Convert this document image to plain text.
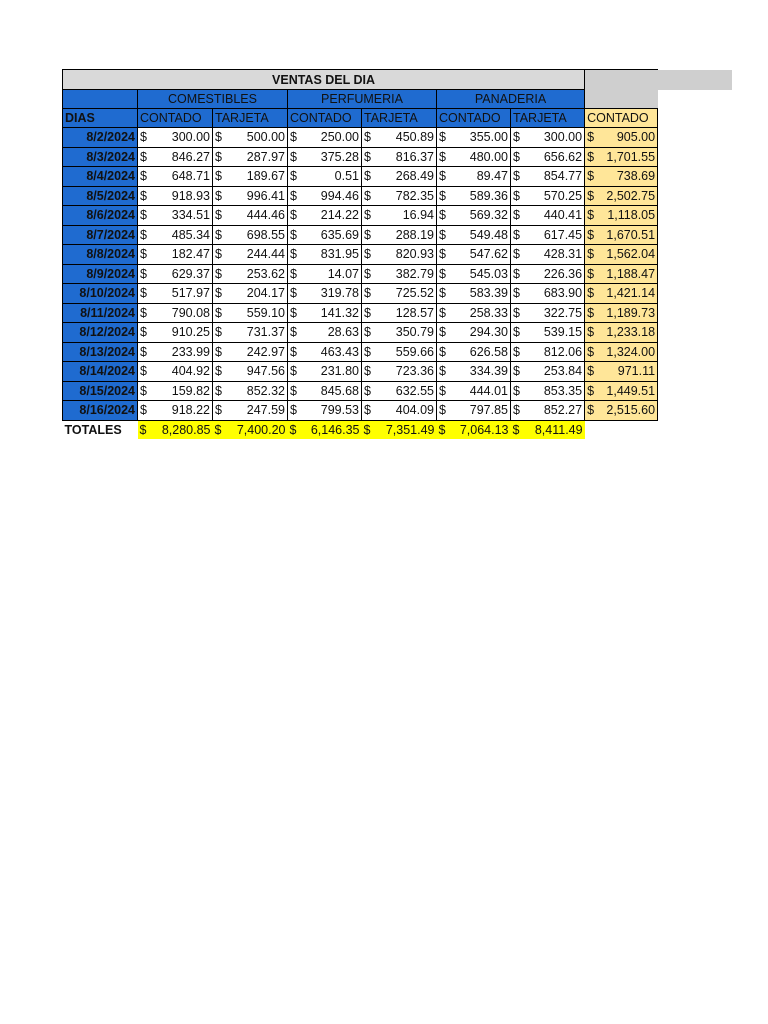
VENTAS DEL DIA								
	COMESTIBLES		PERFUMERIA		PANADERIA			
DIAS	CONTADO	TARJETA	CONTADO	TARJETA	CONTADO	TARJETA	CONTADO	
8/2/2024	$ 300.00	$ 500.00	$ 250.00	$ 450.89	$ 355.00	$ 300.00	$ 905.00	

8/3/2024	$ 846.27	$ 287.97	$ 375.28	$ 816.37	$ 480.00	$ 656.62	$ 1,701.55	

8/4/2024	$ 648.71	$ 189.67	$ 0.51	$ 268.49	$ 89.47	$ 854.77	$ 738.69	

8/5/2024	$ 918.93	$ 996.41	$ 994.46	$ 782.35	$ 589.36	$ 570.25	$ 2,502.75	

8/6/2024	$ 334.51	$ 444.46	$ 214.22	$ 16.94	$ 569.32	$ 440.41	$ 1,118.05	

8/7/2024	$ 485.34	$ 698.55	$ 635.69	$ 288.19	$ 549.48	$ 617.45	$ 1,670.51	

8/8/2024	$ 182.47	$ 244.44	$ 831.95	$ 820.93	$ 547.62	$ 428.31	$ 1,562.04	

8/9/2024	$ 629.37	$ 253.62	$ 14.07	$ 382.79	$ 545.03	$ 226.36	$ 1,188.47	

8/10/2024	$ 517.97	$ 204.17	$ 319.78	$ 725.52	$ 583.39	$ 683.90	$ 1,421.14	

8/11/2024	$ 790.08	$ 559.10	$ 141.32	$ 128.57	$ 258.33	$ 322.75	$ 1,189.73	

8/12/2024	$ 910.25	$ 731.37	$ 28.63	$ 350.79	$ 294.30	$ 539.15	$ 1,233.18	

8/13/2024	$ 233.99	$ 242.97	$ 463.43	$ 559.66	$ 626.58	$ 812.06	$ 1,324.00	

8/14/2024	$ 404.92	$ 947.56	$ 231.80	$ 723.36	$ 334.39	$ 253.84	$ 971.11	

8/15/2024	$ 159.82	$ 852.32	$ 845.68	$ 632.55	$ 444.01	$ 853.35	$ 1,449.51	

8/16/2024	$ 918.22	$ 247.59	$ 799.53	$ 404.09	$ 797.85	$ 852.27	$ 2,515.60	

TOTALES	$ 8,280.85	$ 7,400.20	$ 6,146.35	$ 7,351.49	$ 7,064.13	$ 8,411.49		
